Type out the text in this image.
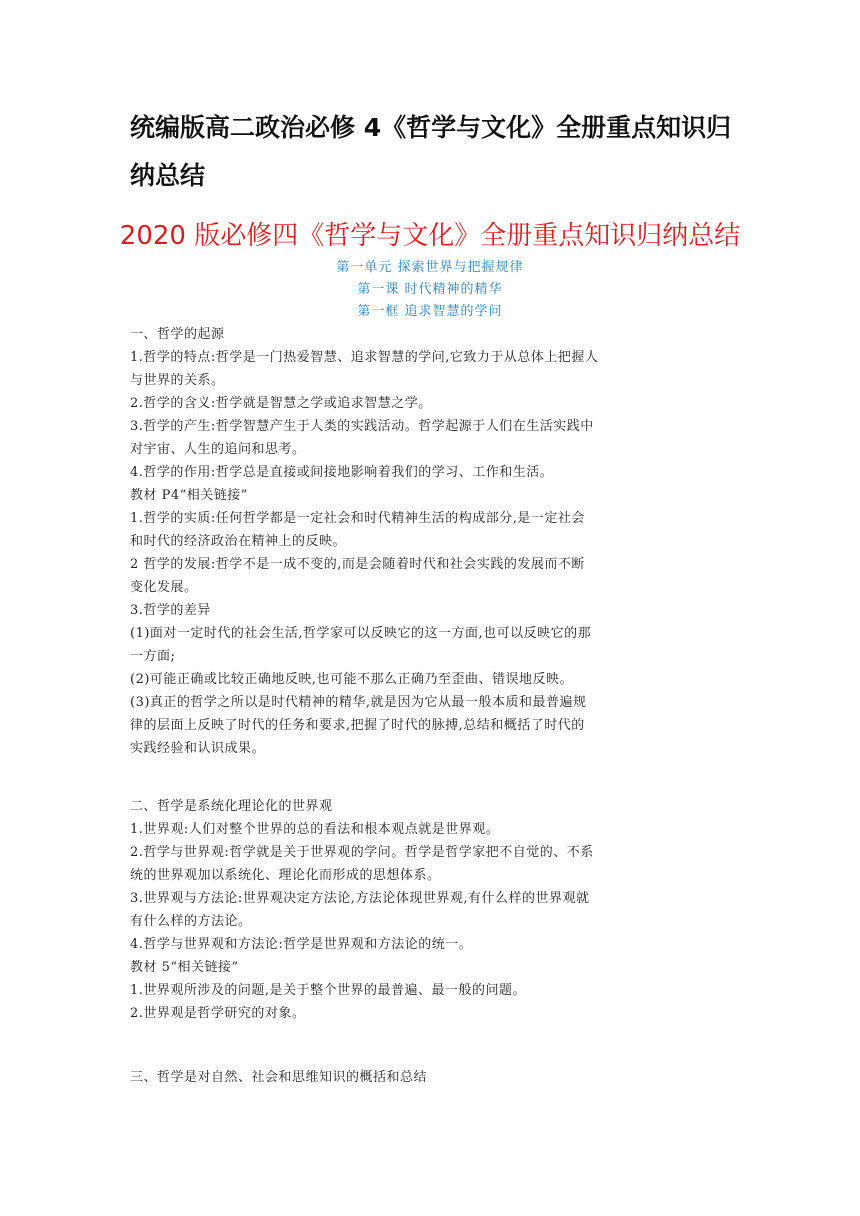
统编版高二政治必修 4《哲学与文化》全册重点知识归纳总结
2020 版必修四《哲学与文化》全册重点知识归纳总结
第一单元 探索世界与把握规律
第一课 时代精神的精华
第一框 追求智慧的学问
一、哲学的起源
1.哲学的特点:哲学是一门热爱智慧、追求智慧的学问,它致力于从总体上把握人
与世界的关系。
2.哲学的含义:哲学就是智慧之学或追求智慧之学。
3.哲学的产生:哲学智慧产生于人类的实践活动。哲学起源于人们在生活实践中
对宇宙、人生的追问和思考。
4.哲学的作用:哲学总是直接或间接地影响着我们的学习、工作和生活。
教材 P4“相关链接”
1.哲学的实质:任何哲学都是一定社会和时代精神生活的构成部分,是一定社会
和时代的经济政治在精神上的反映。
2 哲学的发展:哲学不是一成不变的,而是会随着时代和社会实践的发展而不断
变化发展。
3.哲学的差异
(1)面对一定时代的社会生活,哲学家可以反映它的这一方面,也可以反映它的那
一方面;
(2)可能正确或比较正确地反映,也可能不那么正确乃至歪曲、错误地反映。
(3)真正的哲学之所以是时代精神的精华,就是因为它从最一般本质和最普遍规
律的层面上反映了时代的任务和要求,把握了时代的脉搏,总结和概括了时代的
实践经验和认识成果。
二、哲学是系统化理论化的世界观
1.世界观:人们对整个世界的总的看法和根本观点就是世界观。
2.哲学与世界观:哲学就是关于世界观的学问。哲学是哲学家把不自觉的、不系
统的世界观加以系统化、理论化而形成的思想体系。
3.世界观与方法论:世界观决定方法论,方法论体现世界观,有什么样的世界观就
有什么样的方法论。
4.哲学与世界观和方法论:哲学是世界观和方法论的统一。
教材 5“相关链接”
1.世界观所涉及的问题,是关于整个世界的最普遍、最一般的问题。
2.世界观是哲学研究的对象。
三、哲学是对自然、社会和思维知识的概括和总结
